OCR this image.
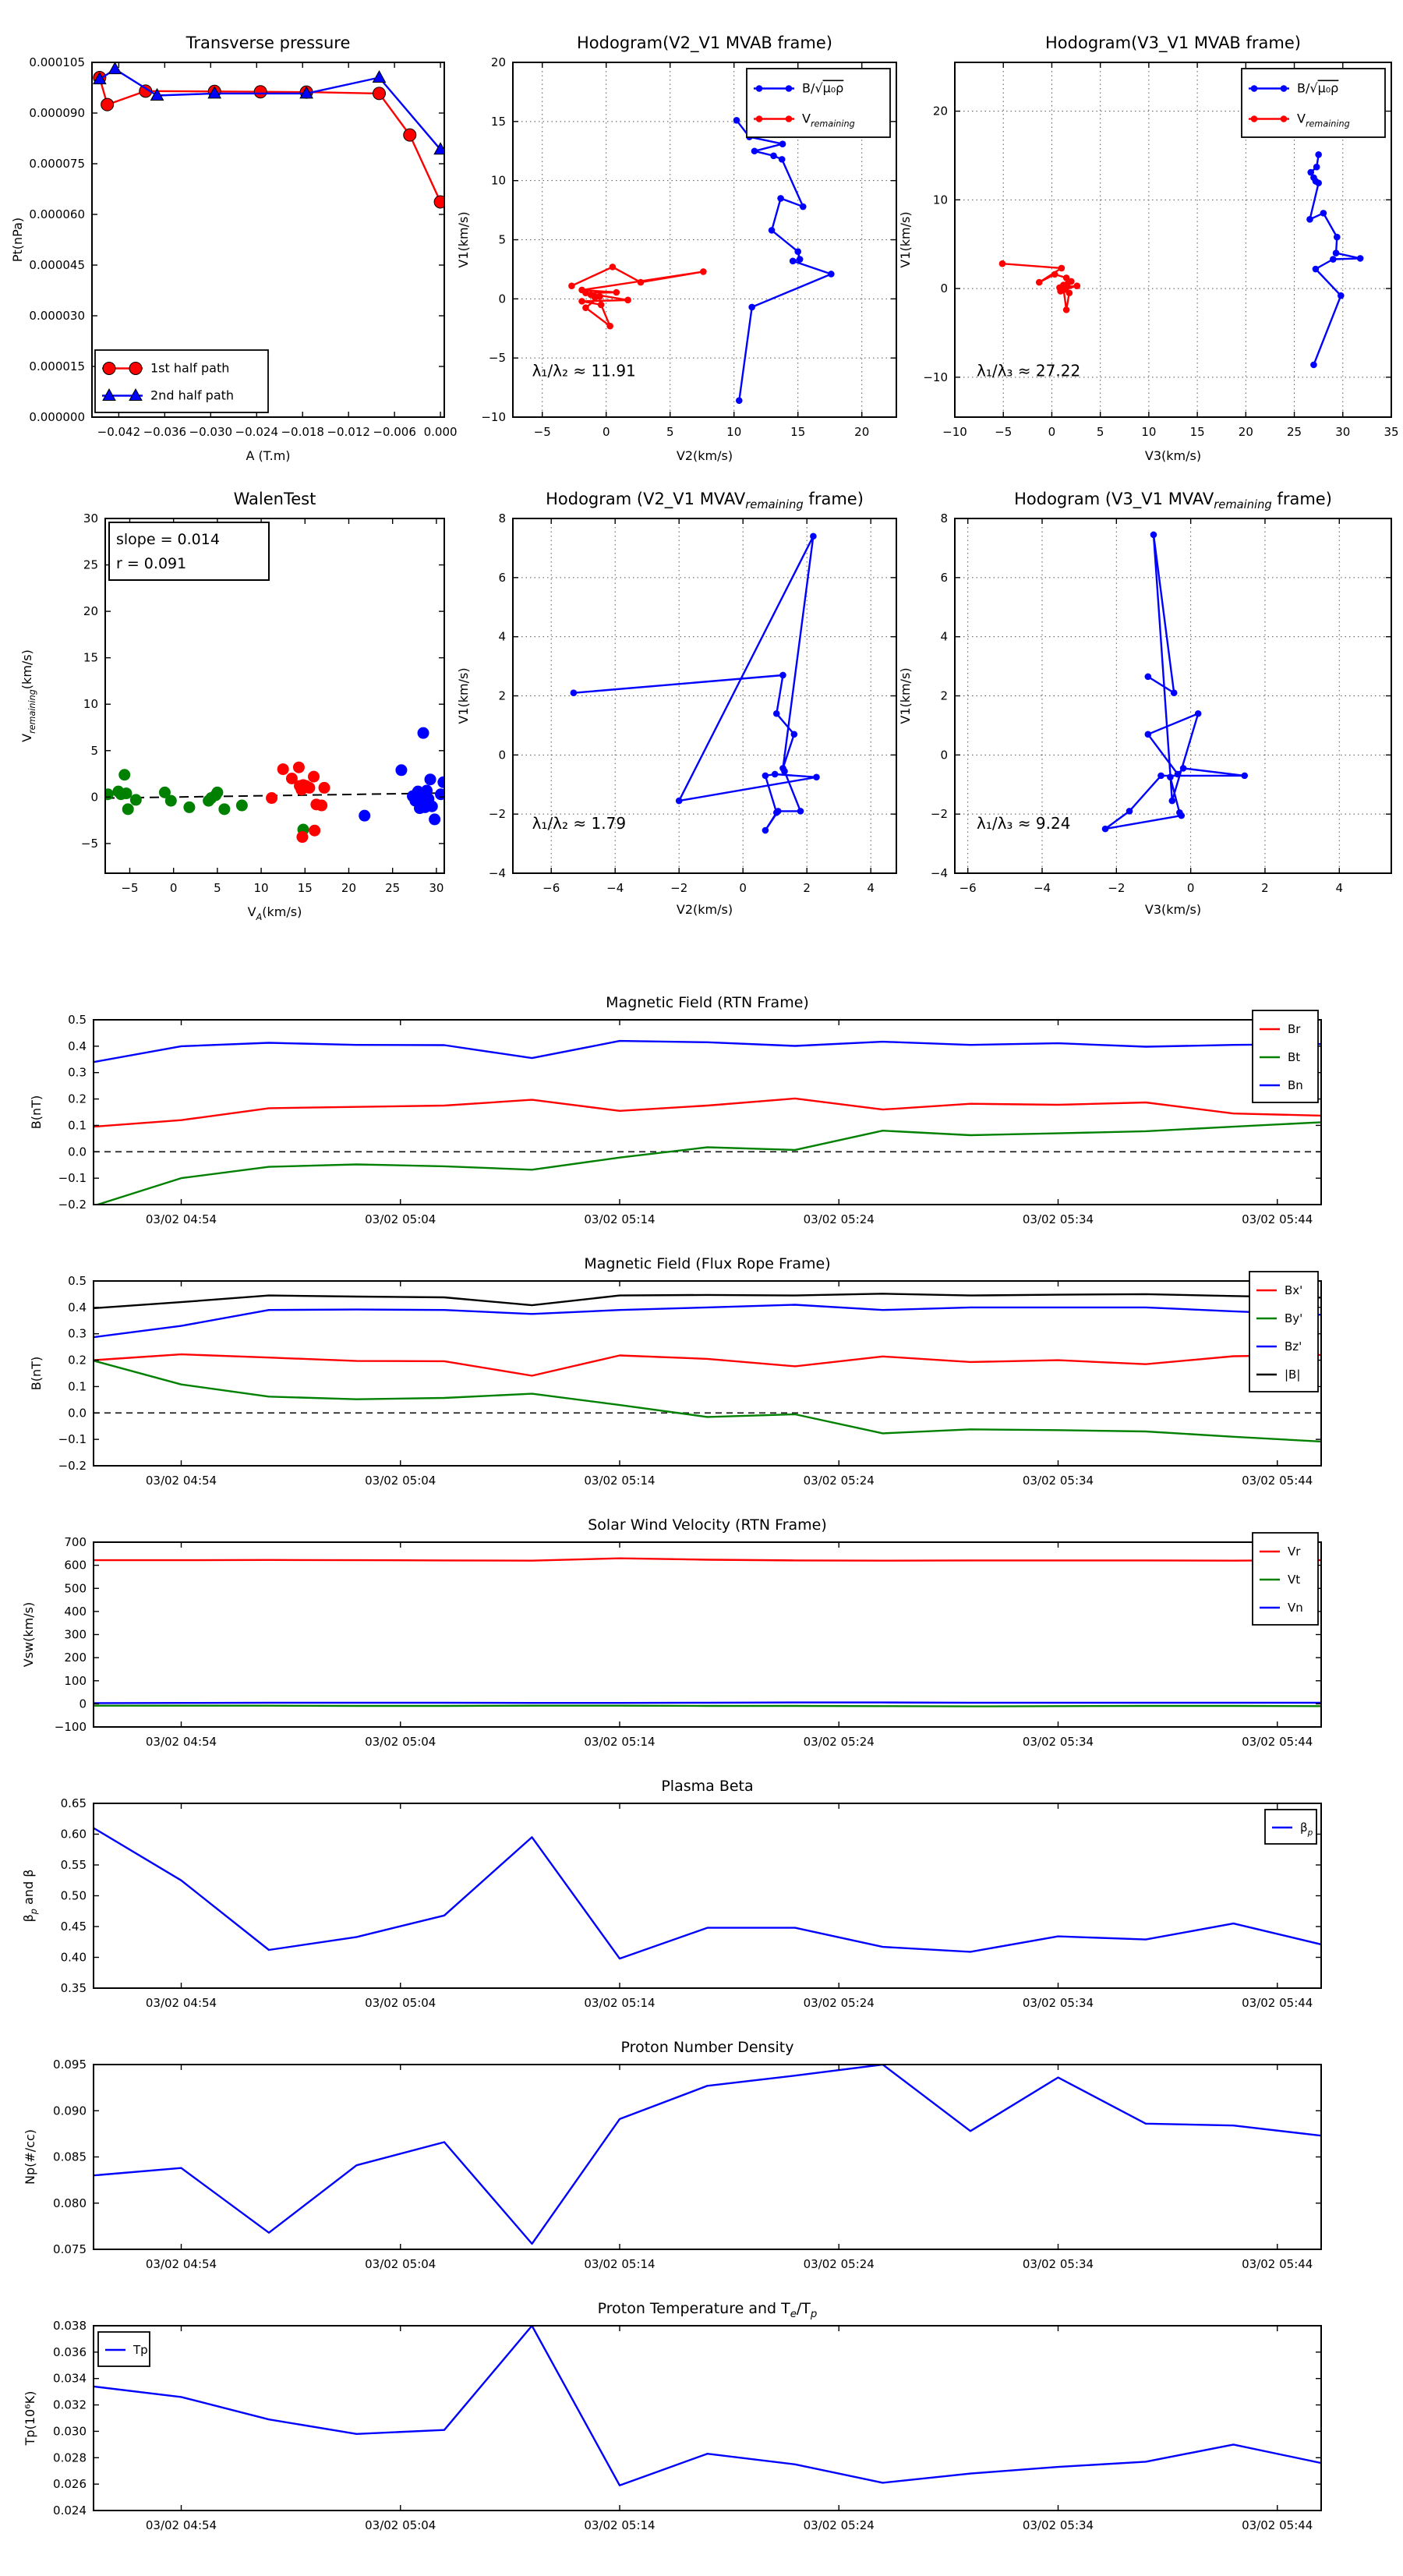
−0.042 −0.036 −0.030 −0.024 −0.018 −0.012 −0.006 0.000
0.000000
0.000015
0.000030
0.000045
0.000060
0.000075
0.000090
0.000105
Transverse pressure
A (T.m)
Pt(nPa)
1st half path
2nd half path
−5	0	5	10	15	20
−10
−5
0
5
10
15
20
Hodogram(V2_V1 MVAB frame)
V2(km/s)
V1(km/s)
λ₁/λ₂ ≈ 11.91
B/√μ₀ρ
$V_{remaining}$
−10 −5	0	5	10	15	20	25	30	35
−10
0
10
20
Hodogram(V3_V1 MVAB frame)
V3(km/s)
V1(km/s)
λ₁/λ₃ ≈ 27.22
B/√μ₀ρ
$V_{remaining}$
−5	0	5	10 15 20 25 30
−5
0
5
10
15
20
25
30
WalenTest
$V_A(km/s)$
$V_{remaining}(km/s)$
slope = 0.014
r = 0.091
−6	−4	−2	0	2	4
−4
−2
0
2
4
6
8
Hodogram (V2_V1 $MVAV_{remaining}$ frame)
V2(km/s)
V1(km/s)
λ₁/λ₂ ≈ 1.79
−6	−4	−2	0	2	4
−4
−2
0
2
4
6
8
Hodogram (V3_V1 $MVAV_{remaining}$ frame)
V3(km/s)
V1(km/s)
λ₁/λ₃ ≈ 9.24
03/02 04:54	03/02 05:04	03/02 05:14	03/02 05:24	03/02 05:34	03/02 05:44
−0.2
−0.1
0.0
0.1
0.2
0.3
0.4
0.5
Magnetic Field (RTN Frame)
B(nT)
Br
Bt
Bn
03/02 04:54	03/02 05:04	03/02 05:14	03/02 05:24	03/02 05:34	03/02 05:44
−0.2
−0.1
0.0
0.1
0.2
0.3
0.4
0.5
Magnetic Field (Flux Rope Frame)
B(nT)
Bx'
By'
Bz'
|B|
03/02 04:54	03/02 05:04	03/02 05:14	03/02 05:24	03/02 05:34	03/02 05:44
−100
0
100
200
300
400
500
600
700
Solar Wind Velocity (RTN Frame)
Vsw(km/s)
Vr
Vt
Vn
03/02 04:54	03/02 05:04	03/02 05:14	03/02 05:24	03/02 05:34	03/02 05:44
0.35
0.40
0.45
0.50
0.55
0.60
0.65
Plasma Beta
$\beta_p$ and β
$\beta_p$
03/02 04:54	03/02 05:04	03/02 05:14	03/02 05:24	03/02 05:34	03/02 05:44
0.075
0.080
0.085
0.090
0.095
Proton Number Density
Np(#/cc)
03/02 04:54	03/02 05:04	03/02 05:14	03/02 05:24	03/02 05:34	03/02 05:44
0.024
0.026
0.028
0.030
0.032
0.034
0.036
0.038
Proton Temperature and $T_e/T_p$
Tp(10⁶K)
Tp
